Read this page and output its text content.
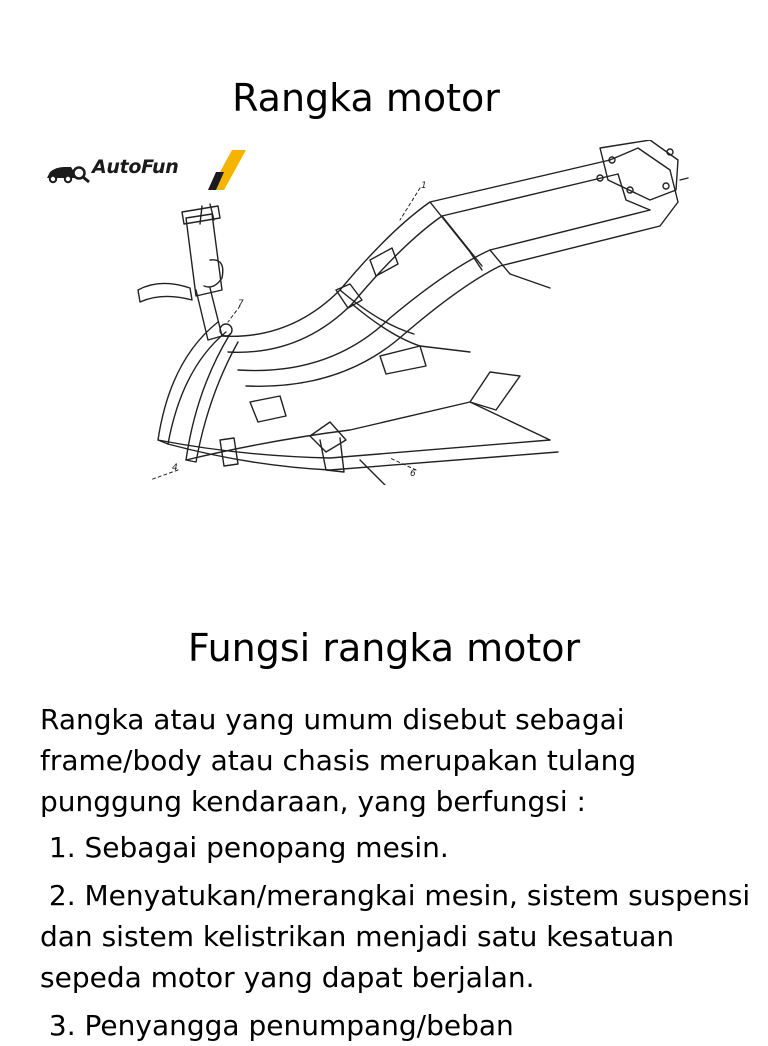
Rangka motor
AutoFun
1
7
4
6
Fungsi rangka motor

Rangka atau yang umum disebut sebagai frame/body atau chasis merupakan tulang punggung kendaraan, yang berfungsi :

1. Sebagai penopang mesin.

2. Menyatukan/merangkai mesin, sistem suspensi dan sistem kelistrikan menjadi satu kesatuan sepeda motor yang dapat berjalan.

3. Penyangga penumpang/beban
